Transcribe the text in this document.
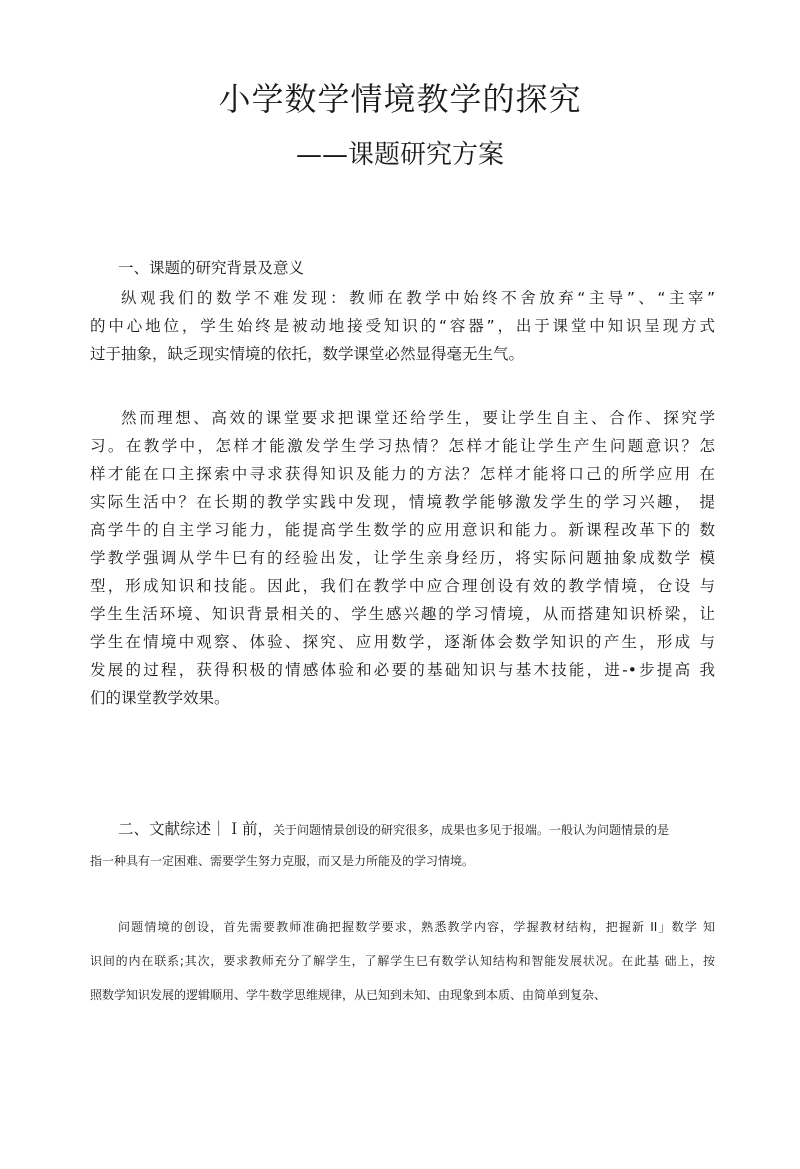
小学数学情境教学的探究
——课题研究方案

一、课题的研究背景及意义

纵观我们的数学不难发现：教师在教学中始终不舍放弃“主导”、“主宰”
的中心地位，学生始终是被动地接受知识的“容器”，出于课堂中知识呈现方式
过于抽象，缺乏现实情境的依托，数学课堂必然显得毫无生气。
然而理想、高效的课堂要求把课堂还给学生，要让学生自主、合作、探究学
习。在教学中，怎样才能激发学生学习热情？怎样才能让学生产生问题意识？怎
样才能在口主探索中寻求获得知识及能力的方法？怎样才能将口己的所学应用 在
实际生活中？在长期的教学实践中发现，情境教学能够激发学生的学习兴趣， 提
高学牛的自主学习能力，能提高学生数学的应用意识和能力。新课程改革下的 数
学教学强调从学牛巳有的经验出发，让学生亲身经历，将实际问题抽象成数学 模
型，形成知识和技能。因此，我们在教学中应合理创设有效的教学情境，仓设 与
学生生活环境、知识背景相关的、学生感兴趣的学习情境，从而搭建知识桥梁，让
学生在情境中观察、体验、探究、应用数学，逐渐体会数学知识的产生，形成 与
发展的过程，获得积极的情感体验和必要的基础知识与基木技能，进-•步提高 我
们的课堂教学效果。
二、文献综述｜Ｉ前，关于问题情景创设的研究很多，成果也多见于报端。一般认为问题情景的是

指一种具有一定困难、需要学生努力克服，而又是力所能及的学习情境。

问题情境的创设，首先需要教师准确把握数学要求，熟悉教学内容，学握教材结构，把握新 II」数学 知
识间的内在联系;其次，要求教师充分了解学生，了解学生巳有数学认知结构和智能发展状况。在此基 础上，按
照数学知识发展的逻辑顺用、学牛数学思维规律，从已知到未知、由现象到本质、由简单到复杂、
